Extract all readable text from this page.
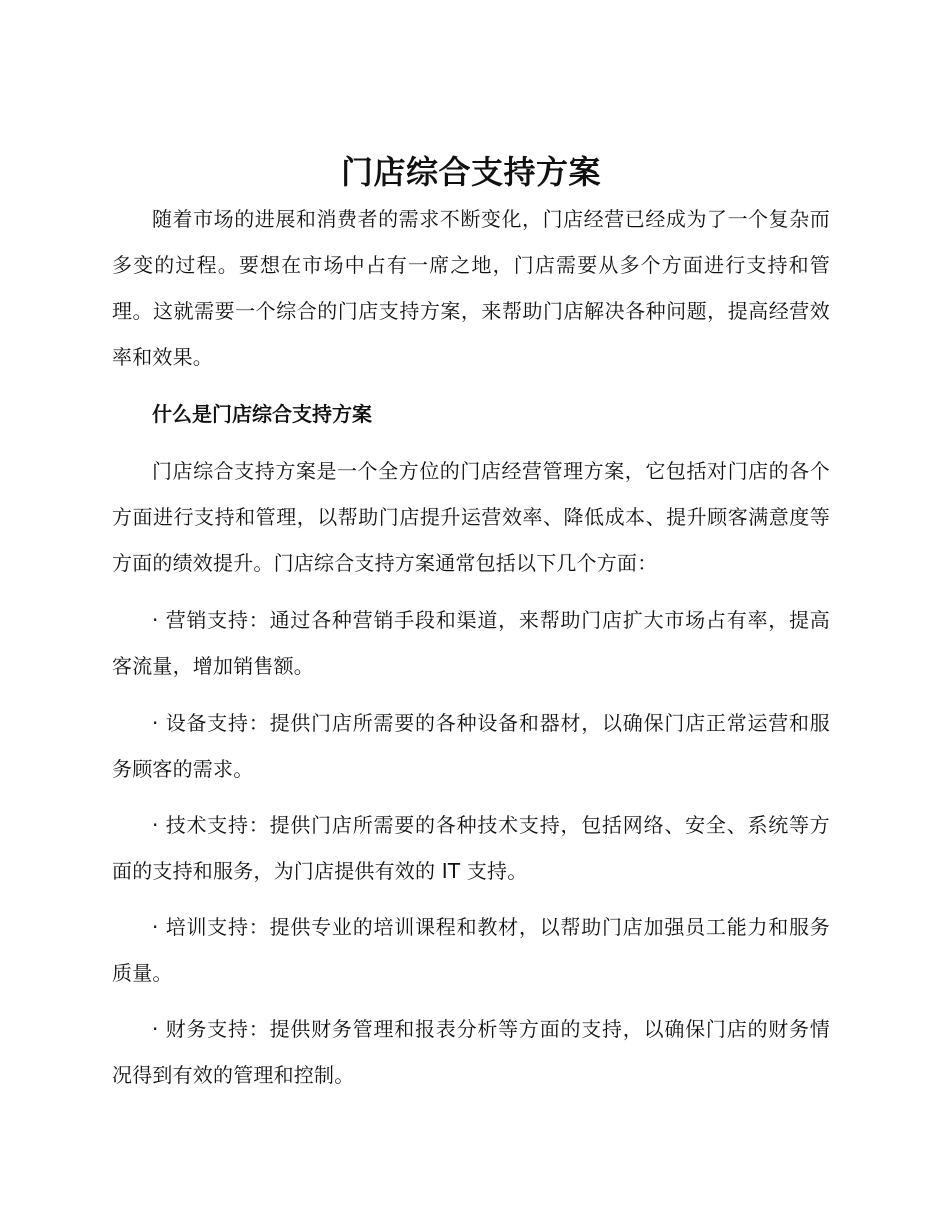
门店综合支持方案

随着市场的进展和消费者的需求不断变化，门店经营已经成为了一个复杂而多变的过程。要想在市场中占有一席之地，门店需要从多个方面进行支持和管理。这就需要一个综合的门店支持方案，来帮助门店解决各种问题，提高经营效率和效果。

什么是门店综合支持方案

门店综合支持方案是一个全方位的门店经营管理方案，它包括对门店的各个方面进行支持和管理，以帮助门店提升运营效率、降低成本、提升顾客满意度等方面的绩效提升。门店综合支持方案通常包括以下几个方面：

· 营销支持：通过各种营销手段和渠道，来帮助门店扩大市场占有率，提高客流量，增加销售额。

· 设备支持：提供门店所需要的各种设备和器材，以确保门店正常运营和服务顾客的需求。

· 技术支持：提供门店所需要的各种技术支持，包括网络、安全、系统等方面的支持和服务，为门店提供有效的 IT 支持。

· 培训支持：提供专业的培训课程和教材，以帮助门店加强员工能力和服务质量。

· 财务支持：提供财务管理和报表分析等方面的支持，以确保门店的财务情况得到有效的管理和控制。
